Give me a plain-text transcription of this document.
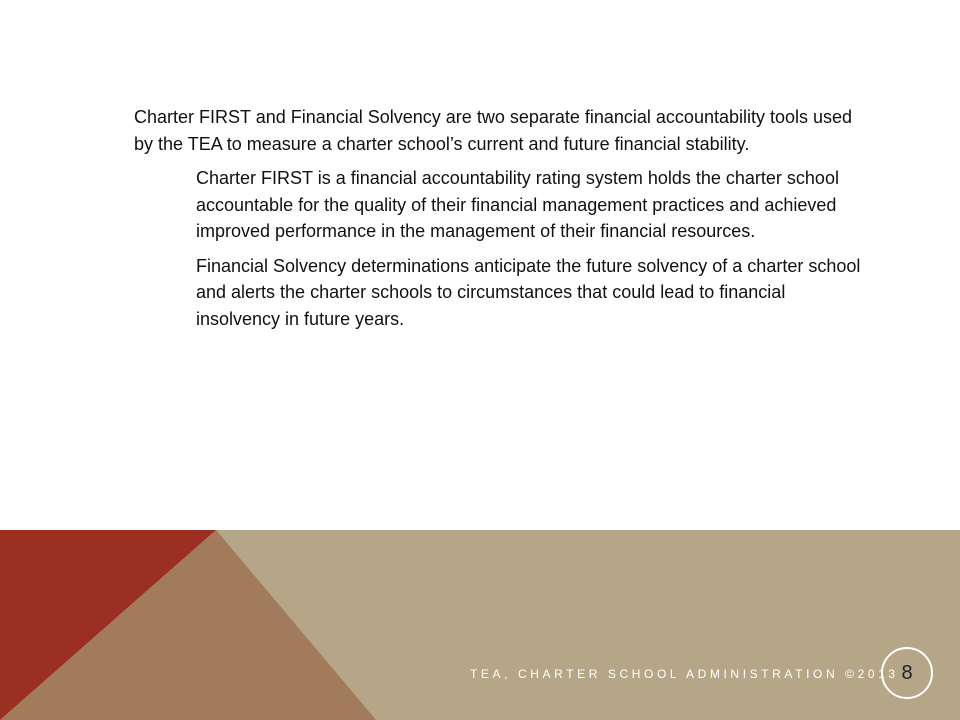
Charter FIRST and Financial Solvency are two separate financial accountability tools used by the TEA to measure a charter school’s current and future financial stability.

Charter FIRST is a financial accountability rating system holds the charter school accountable for the quality of their financial management practices and achieved improved performance in the management of their financial resources.

Financial Solvency determinations anticipate the future solvency of a charter school and alerts the charter schools to circumstances that could lead to financial insolvency in future years.

TEA, CHARTER SCHOOL ADMINISTRATION ©2013 8
